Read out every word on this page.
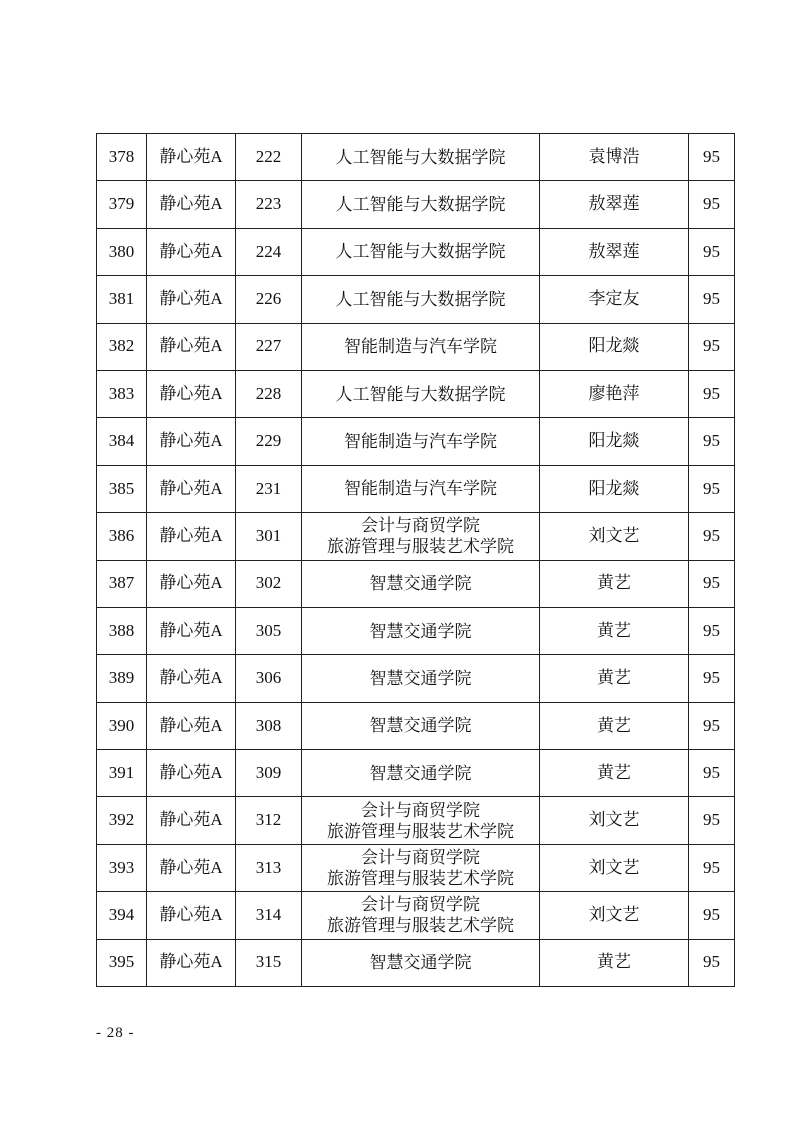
378	静心苑A	222	人工智能与大数据学院	袁博浩	95
379	静心苑A	223	人工智能与大数据学院	敖翠莲	95
380	静心苑A	224	人工智能与大数据学院	敖翠莲	95
381	静心苑A	226	人工智能与大数据学院	李定友	95
382	静心苑A	227	智能制造与汽车学院	阳龙燚	95
383	静心苑A	228	人工智能与大数据学院	廖艳萍	95
384	静心苑A	229	智能制造与汽车学院	阳龙燚	95
385	静心苑A	231	智能制造与汽车学院	阳龙燚	95
386	静心苑A	301	会计与商贸学院
旅游管理与服装艺术学院	刘文艺	95
387	静心苑A	302	智慧交通学院	黄艺	95
388	静心苑A	305	智慧交通学院	黄艺	95
389	静心苑A	306	智慧交通学院	黄艺	95
390	静心苑A	308	智慧交通学院	黄艺	95
391	静心苑A	309	智慧交通学院	黄艺	95
392	静心苑A	312	会计与商贸学院
旅游管理与服装艺术学院	刘文艺	95
393	静心苑A	313	会计与商贸学院
旅游管理与服装艺术学院	刘文艺	95
394	静心苑A	314	会计与商贸学院
旅游管理与服装艺术学院	刘文艺	95
395	静心苑A	315	智慧交通学院	黄艺	95
- 28 -
